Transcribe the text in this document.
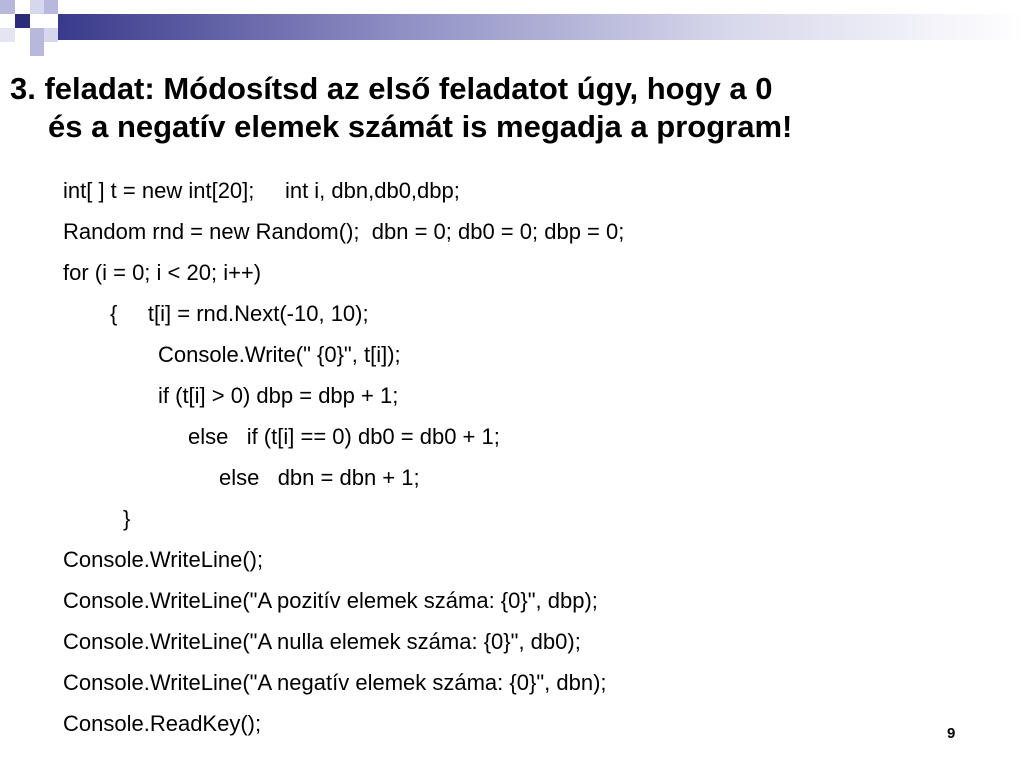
3. feladat: Módosítsd az első feladatot úgy, hogy a 0
és a negatív elemek számát is megadja a program!
int[ ] t = new int[20];     int i, dbn,db0,dbp;
Random rnd = new Random();  dbn = 0; db0 = 0; dbp = 0;
for (i = 0; i < 20; i++)
{     t[i] = rnd.Next(-10, 10);
Console.Write(" {0}", t[i]);
if (t[i] > 0) dbp = dbp + 1;
else   if (t[i] == 0) db0 = db0 + 1;
else   dbn = dbn + 1;
}
Console.WriteLine();
Console.WriteLine("A pozitív elemek száma: {0}", dbp);
Console.WriteLine("A nulla elemek száma: {0}", db0);
Console.WriteLine("A negatív elemek száma: {0}", dbn);
Console.ReadKey();	9
